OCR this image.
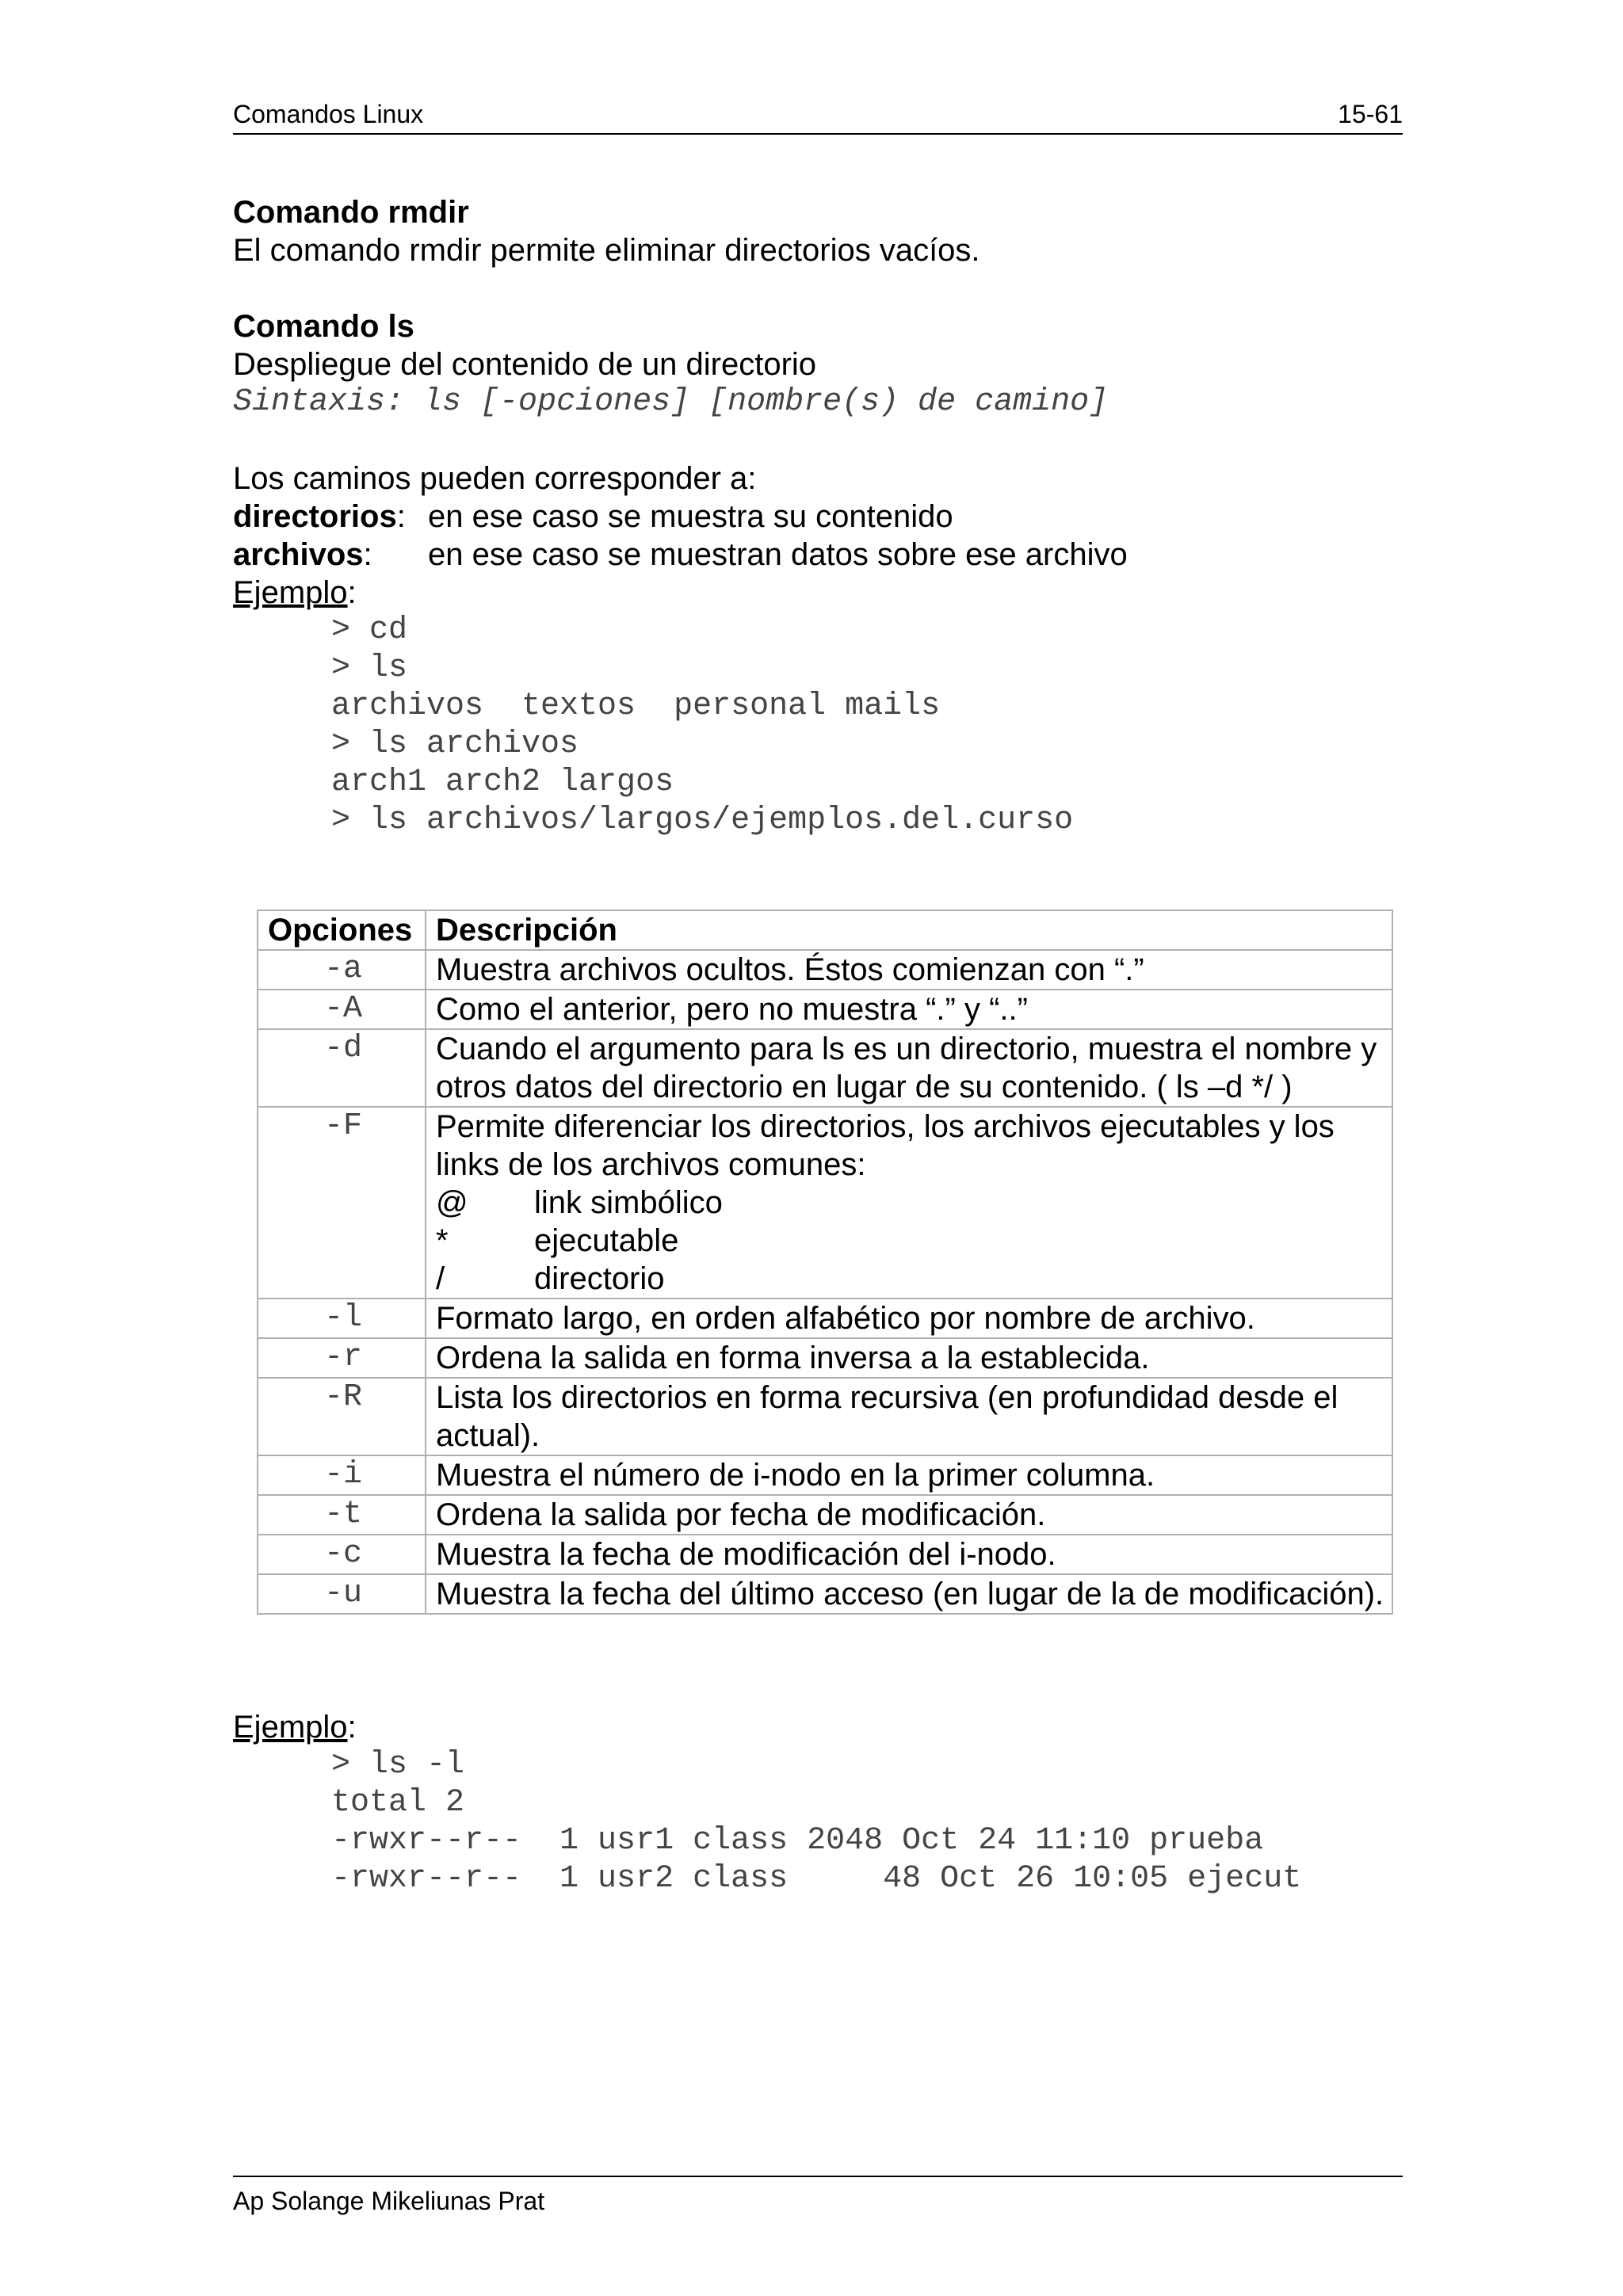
Comandos Linux	15-61
Comando rmdir
El comando rmdir permite eliminar directorios vacíos.
Comando ls
Despliegue del contenido de un directorio
Sintaxis: ls [-opciones] [nombre(s) de camino]
Los caminos pueden corresponder a:
directorios: en ese caso se muestra su contenido
archivos: en ese caso se muestran datos sobre ese archivo
Ejemplo:
> cd
> ls
archivos  textos  personal mails
> ls archivos
arch1 arch2 largos
> ls archivos/largos/ejemplos.del.curso
Opciones	Descripción
-a	Muestra archivos ocultos. Éstos comienzan con “.”
-A	Como el anterior, pero no muestra “.” y “..”
-d	Cuando el argumento para ls es un directorio, muestra el nombre y otros datos del directorio en lugar de su contenido. ( ls –d */ )
-F	Permite diferenciar los directorios, los archivos ejecutables y los links de los archivos comunes:
@ link simbólico
* ejecutable
/ directorio

-l	Formato largo, en orden alfabético por nombre de archivo.
-r	Ordena la salida en forma inversa a la establecida.
-R	Lista los directorios en forma recursiva (en profundidad desde el actual).
-i	Muestra el número de i-nodo en la primer columna.
-t	Ordena la salida por fecha de modificación.
-c	Muestra la fecha de modificación del i-nodo.
-u	Muestra la fecha del último acceso (en lugar de la de modificación).
Ejemplo:
> ls -l
total 2
-rwxr--r--  1 usr1 class 2048 Oct 24 11:10 prueba
-rwxr--r--  1 usr2 class     48 Oct 26 10:05 ejecut
Ap Solange Mikeliunas Prat
